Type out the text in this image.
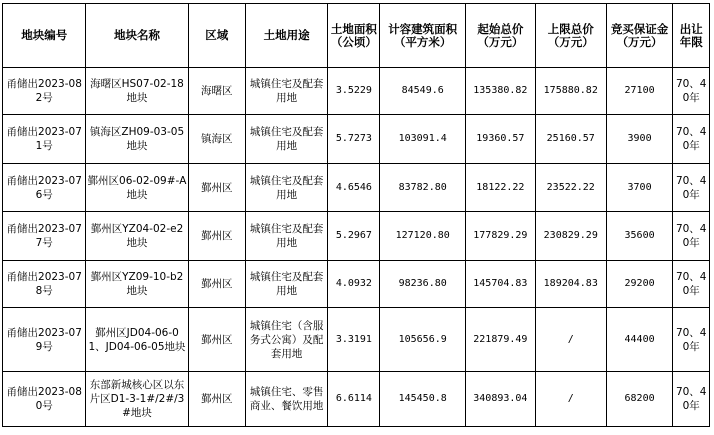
地块编号	地块名称	区域	土地用途	土地面积（公顷）	计容建筑面积（平方米）	起始总价（万元）	上限总价（万元）	竞买保证金（万元）	出让年限
甬储出2023-082号	海曙区HS07-02-18地块	海曙区	城镇住宅及配套用地	3.5229	84549.6	135380.82	175880.82	27100	70、40年
甬储出2023-071号	镇海区ZH09-03-05地块	镇海区	城镇住宅及配套用地	5.7273	103091.4	19360.57	25160.57	3900	70、40年
甬储出2023-076号	鄞州区06-02-09#-A地块	鄞州区	城镇住宅及配套用地	4.6546	83782.80	18122.22	23522.22	3700	70、40年
甬储出2023-077号	鄞州区YZ04-02-e2地块	鄞州区	城镇住宅及配套用地	5.2967	127120.80	177829.29	230829.29	35600	70、40年
甬储出2023-078号	鄞州区YZ09-10-b2地块	鄞州区	城镇住宅及配套用地	4.0932	98236.80	145704.83	189204.83	29200	70、40年
甬储出2023-079号	鄞州区JD04-06-01、JD04-06-05地块	鄞州区	城镇住宅（含服务式公寓）及配套用地	3.3191	105656.9	221879.49	/	44400	70、40年
甬储出2023-080号	东部新城核心区以东片区D1-3-1#/2#/3#地块	鄞州区	城镇住宅、零售商业、餐饮用地	6.6114	145450.8	340893.04	/	68200	70、40年
